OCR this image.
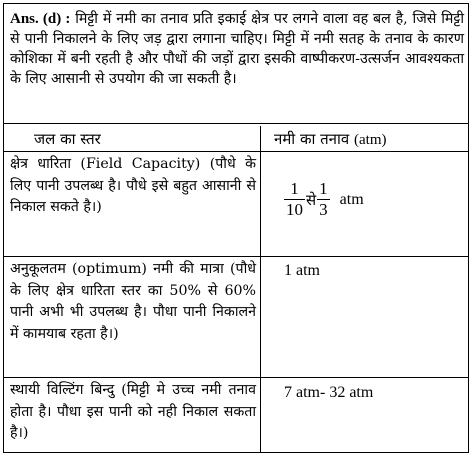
Ans. (d) : मिट्टी में नमी का तनाव प्रति इकाई क्षेत्र पर लगने वाला वह बल है, जिसे मिट्टी से पानी निकालने के लिए जड़ द्वारा लगाना चाहिए। मिट्टी में नमी सतह के तनाव के कारण कोशिका में बनी रहती है और पौधों की जड़ों द्वारा इसकी वाष्पीकरण-उत्सर्जन आवश्यकता के लिए आसानी से उपयोग की जा सकती है।
जल का स्तर	नमी का तनाव (atm)
क्षेत्र धारिता (Field Capacity) (पौधे के लिए पानी उपलब्ध है। पौधे इसे बहुत आसानी से निकाल सकते है।)	$\frac{1}{10}$ से $\frac{1}{3}$ atm
अनुकूलतम (optimum) नमी की मात्रा (पौधे के लिए क्षेत्र धारिता स्तर का 50% से 60% पानी अभी भी उपलब्ध है। पौधा पानी निकालने में कामयाब रहता है।)
1 atm
स्थायी विल्टिंग बिन्दु (मिट्टी मे उच्च नमी तनाव होता है। पौधा इस पानी को नही निकाल सकता है।)
7 atm- 32 atm
